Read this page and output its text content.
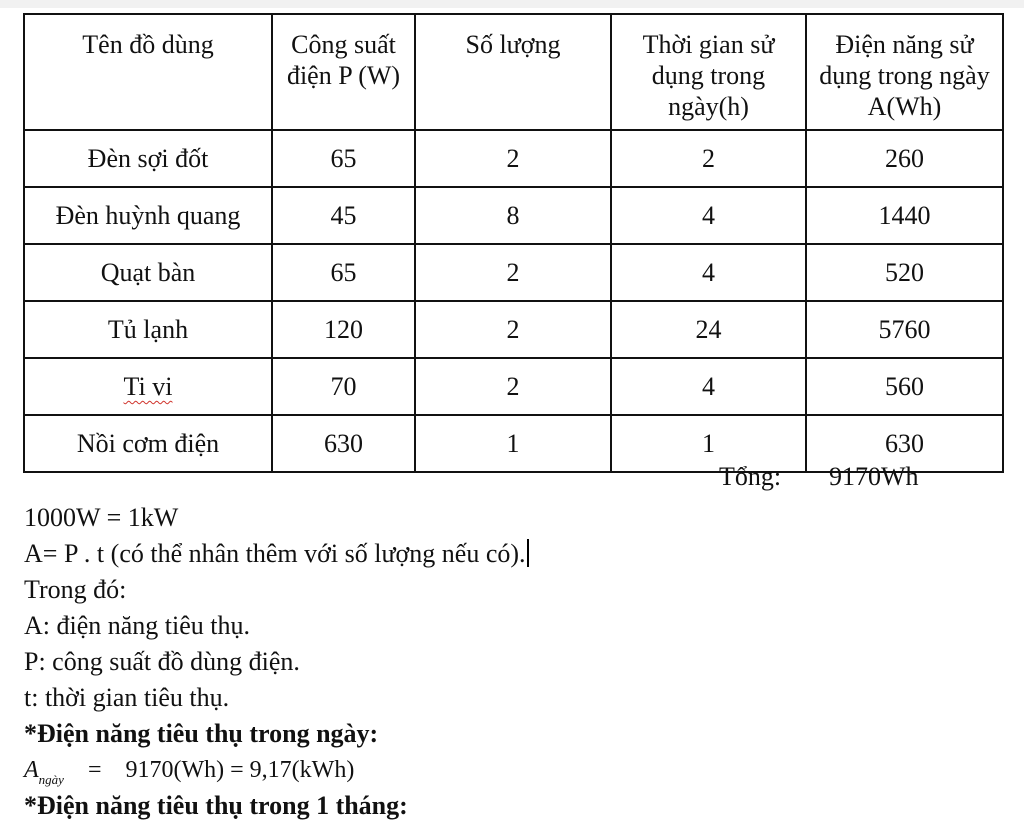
Tên đồ dùng	Công suất điện P (W)	Số lượng	Thời gian sử dụng trong ngày(h)	Điện năng sử dụng trong ngày A(Wh)
Đèn sợi đốt	65	2	2	260
Đèn huỳnh quang	45	8	4	1440
Quạt bàn	65	2	4	520
Tủ lạnh	120	2	24	5760
Ti vi	70	2	4	560
Nồi cơm điện	630	1	1	630
Tổng: 9170Wh
1000W = 1kW
A= P . t (có thể nhân thêm với số lượng nếu có).
Trong đó:
A: điện năng tiêu thụ.
P: công suất đồ dùng điện.
t: thời gian tiêu thụ.
*Điện năng tiêu thụ trong ngày:
$A_{ngày} = 9170(Wh) = 9,17(kWh)$
*Điện năng tiêu thụ trong 1 tháng:
